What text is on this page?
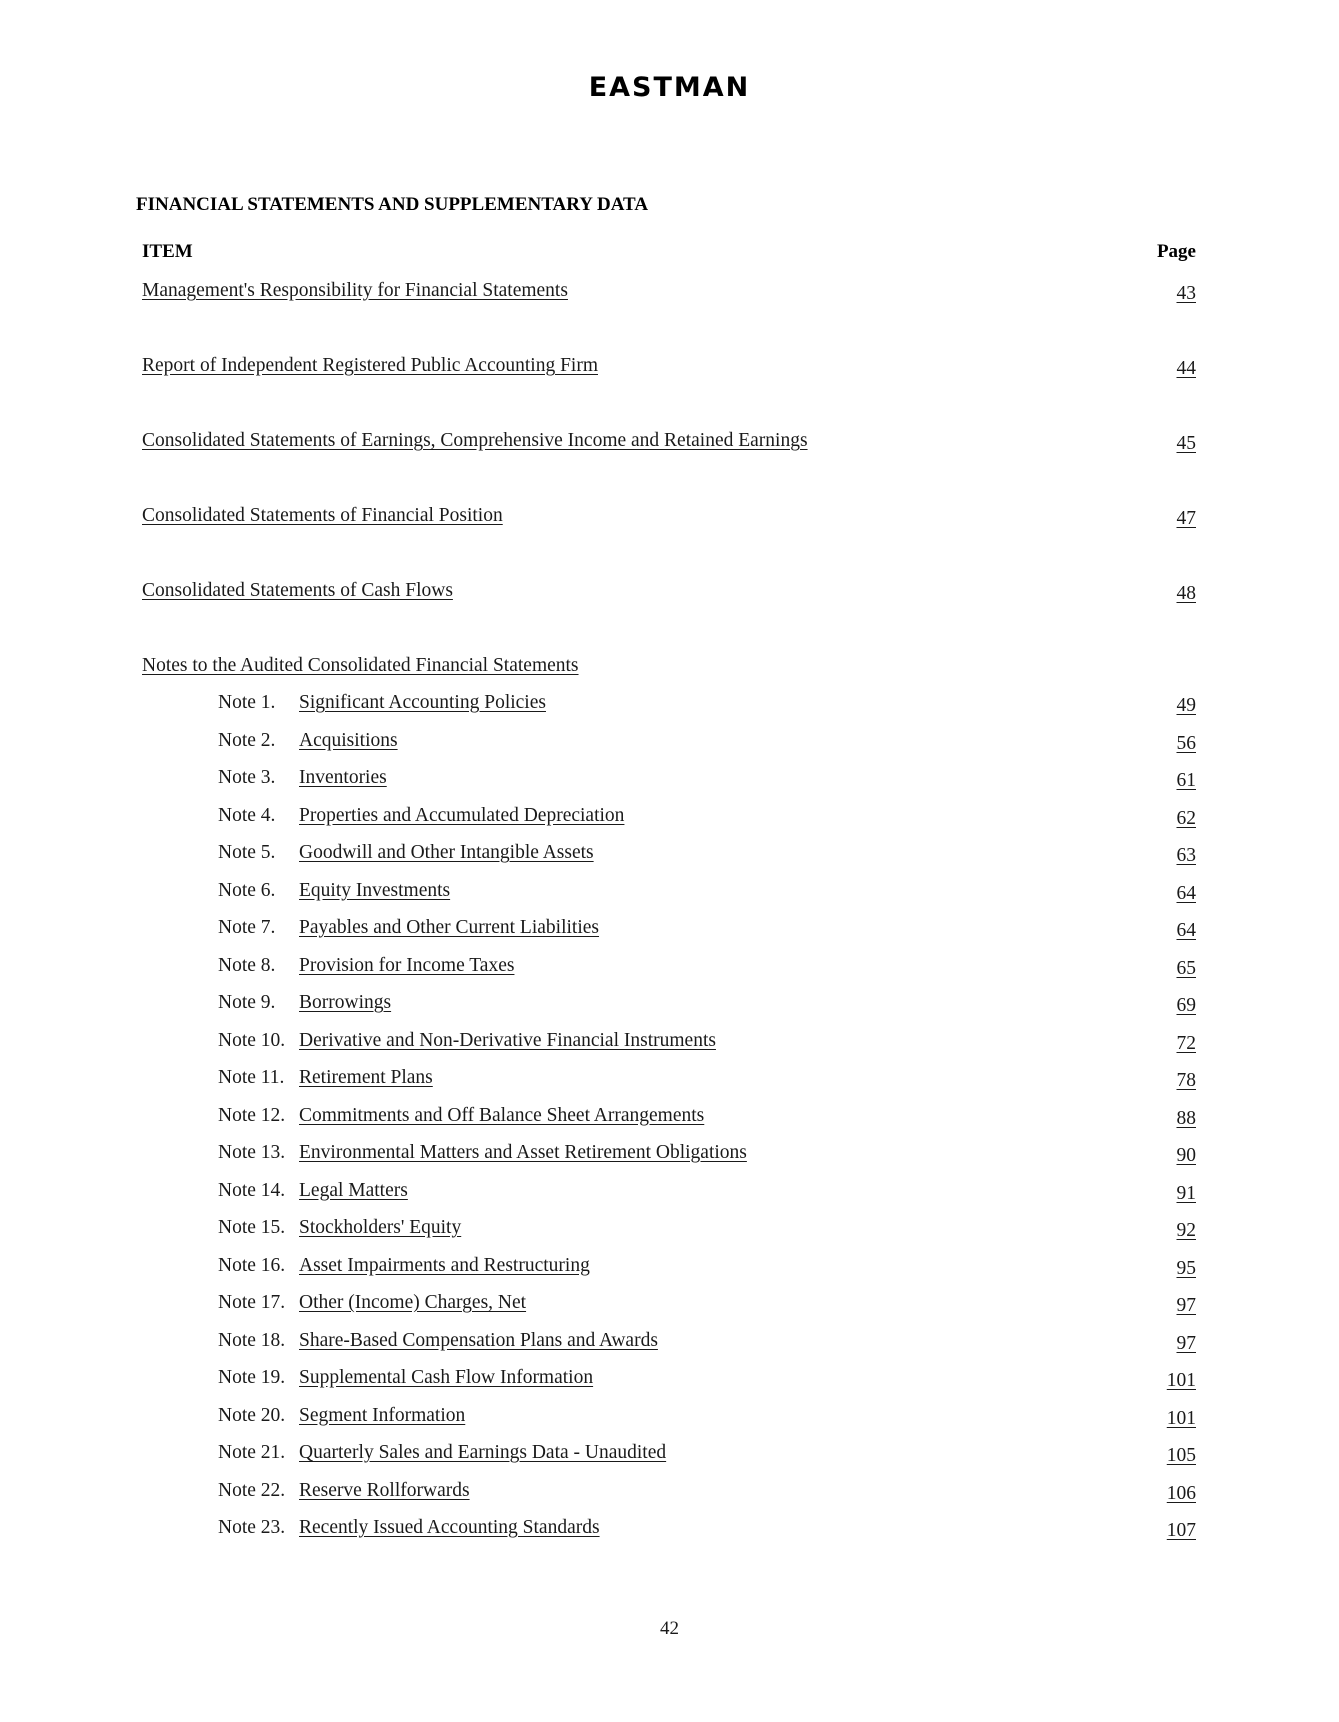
EASTMAN
FINANCIAL STATEMENTS AND SUPPLEMENTARY DATA
ITEM	Page
Management's Responsibility for Financial Statements	43
Report of Independent Registered Public Accounting Firm	44
Consolidated Statements of Earnings, Comprehensive Income and Retained Earnings	45
Consolidated Statements of Financial Position	47
Consolidated Statements of Cash Flows	48
Notes to the Audited Consolidated Financial Statements
Note 1. Significant Accounting Policies	49
Note 2. Acquisitions	56
Note 3. Inventories	61
Note 4. Properties and Accumulated Depreciation	62
Note 5. Goodwill and Other Intangible Assets	63
Note 6. Equity Investments	64
Note 7. Payables and Other Current Liabilities	64
Note 8. Provision for Income Taxes	65
Note 9. Borrowings	69
Note 10. Derivative and Non-Derivative Financial Instruments	72
Note 11. Retirement Plans	78
Note 12. Commitments and Off Balance Sheet Arrangements	88
Note 13. Environmental Matters and Asset Retirement Obligations	90
Note 14. Legal Matters	91
Note 15. Stockholders' Equity	92
Note 16. Asset Impairments and Restructuring	95
Note 17. Other (Income) Charges, Net	97
Note 18. Share-Based Compensation Plans and Awards	97
Note 19. Supplemental Cash Flow Information	101
Note 20. Segment Information	101
Note 21. Quarterly Sales and Earnings Data - Unaudited	105
Note 22. Reserve Rollforwards	106
Note 23. Recently Issued Accounting Standards	107
42
